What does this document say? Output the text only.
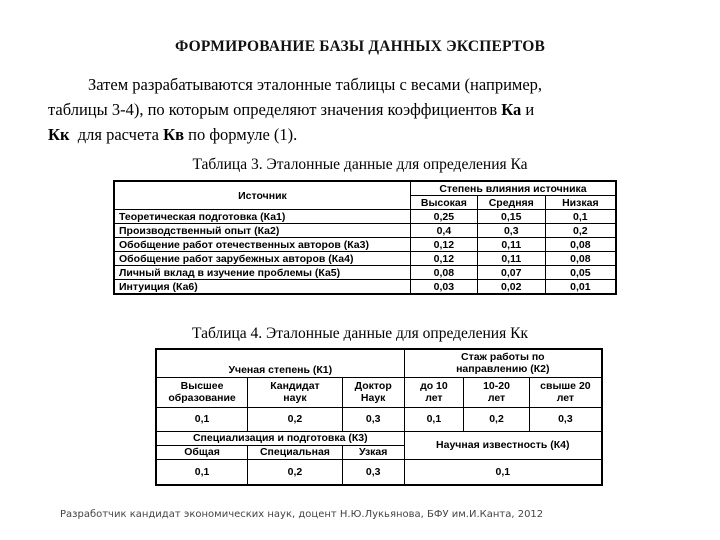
ФОРМИРОВАНИЕ БАЗЫ ДАННЫХ ЭКСПЕРТОВ
Затем разрабатываются эталонные таблицы с весами (например,
таблицы 3-4), по которым определяют значения коэффициентов Ка и
Кк  для расчета Кв по формуле (1).
Таблица 3. Эталонные данные для определения Ка
Источник	Степень влияния источника		
	Высокая	Средняя	Низкая
Теоретическая подготовка (Ка1)	0,25	0,15	0,1
Производственный опыт (Ка2)	0,4	0,3	0,2
Обобщение работ отечественных авторов (Ка3)	0,12	0,11	0,08
Обобщение работ зарубежных авторов (Ка4)	0,12	0,11	0,08
Личный вклад в изучение проблемы (Ка5)	0,08	0,07	0,05
Интуиция (Ка6)	0,03	0,02	0,01
Таблица 4. Эталонные данные для определения Кк
Ученая степень (К1)			Стаж работы по направлению (К2)		
Высшее образование	Кандидат наук	Доктор Наук	до 10 лет	10-20 лет	свыше 20 лет
0,1	0,2	0,3	0,1	0,2	0,3
Специализация и подготовка (К3)			Научная известность (К4)		
Общая	Специальная	Узкая			
0,1	0,2	0,3	0,1		
Разработчик кандидат экономических наук, доцент Н.Ю.Лукьянова, БФУ им.И.Канта, 2012
